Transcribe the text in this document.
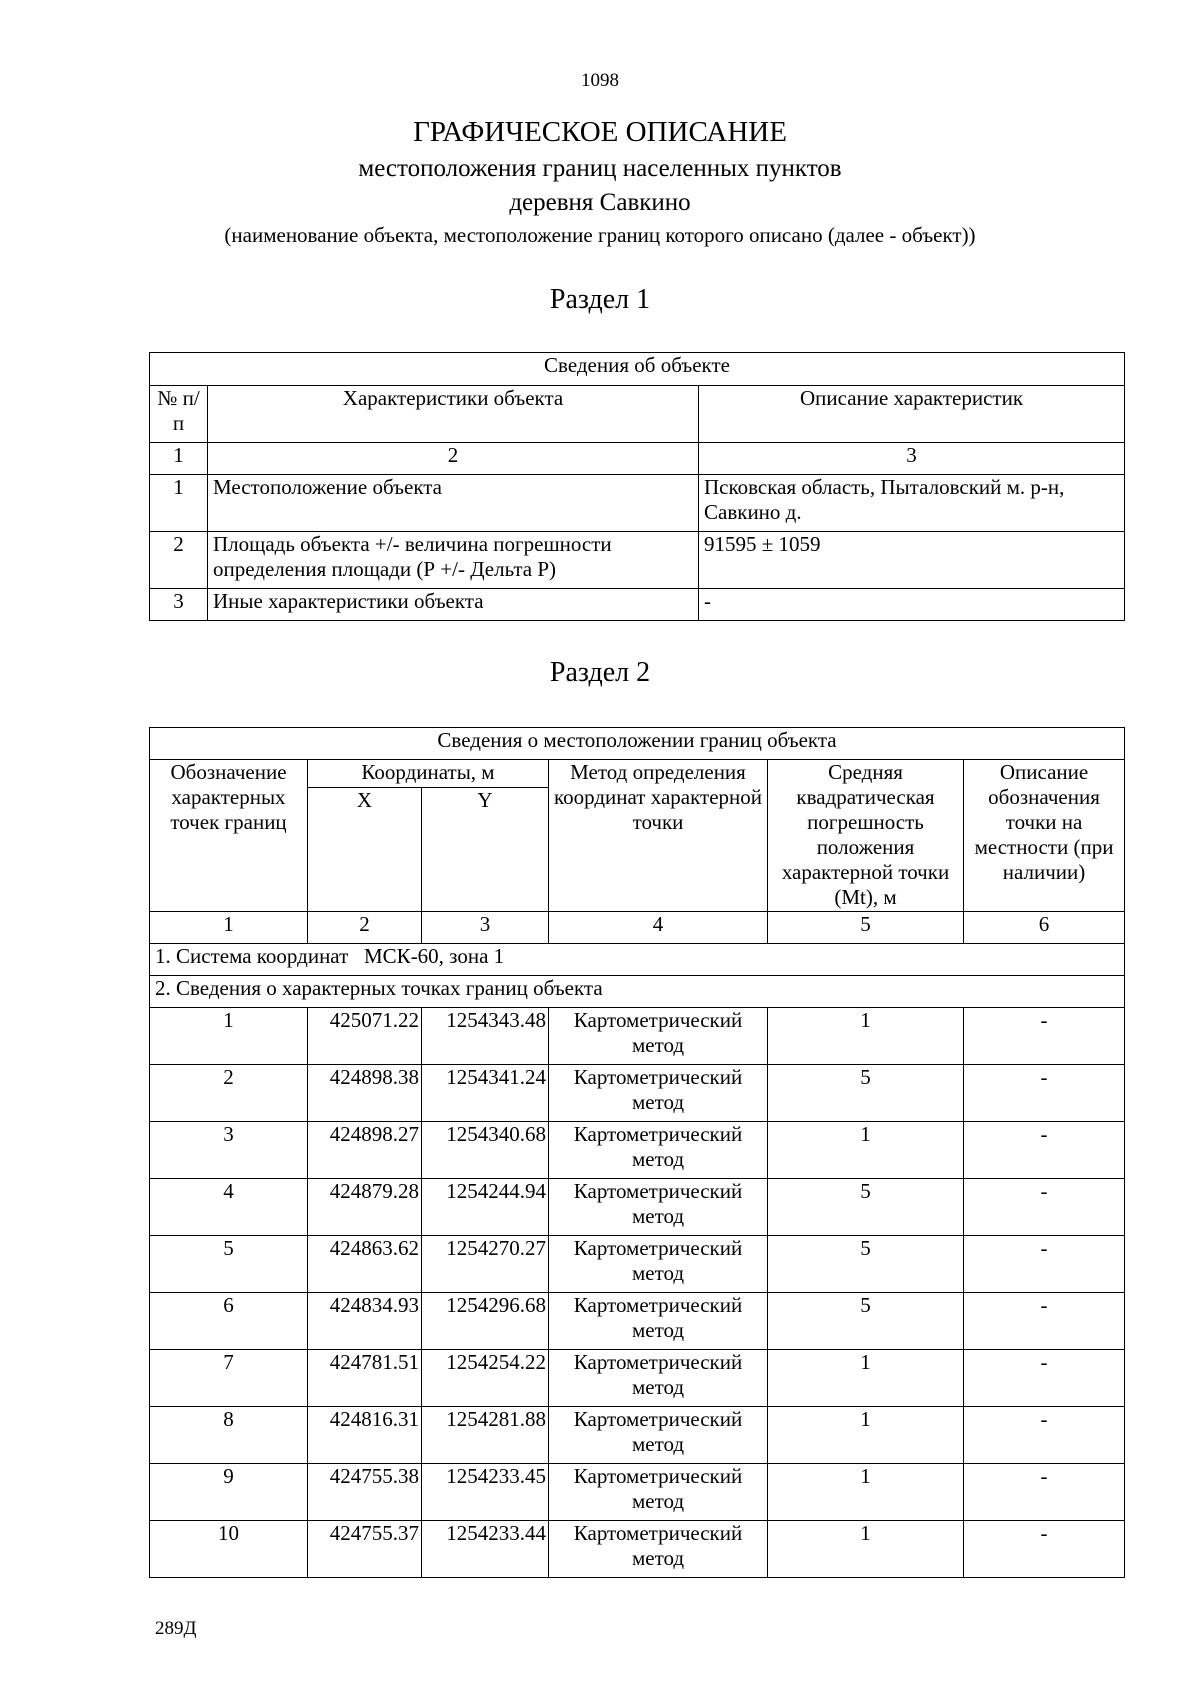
1098
ГРАФИЧЕСКОЕ ОПИСАНИЕ
местоположения границ населенных пунктов
деревня Савкино
(наименование объекта, местоположение границ которого описано (далее - объект))
Раздел 1
Сведения об объекте		
№ п/п	Характеристики объекта	Описание характеристик
1	2	3
1	Местоположение объекта	Псковская область, Пыталовский м. р-н, Савкино д.
2	Площадь объекта +/- величина погрешности определения площади (Р +/- Дельта Р)	91595 ± 1059
3	Иные характеристики объекта	-
Раздел 2
Сведения о местоположении границ объекта					
Обозначение характерных точек границ	Координаты, м		Метод определения координат характерной точки	Средняя квадратическая погрешность положения характерной точки (Mt), м	Описание обозначения точки на местности (при наличии)
	X	Y			
1	2	3	4	5	6
1. Система координат   МСК-60, зона 1					
2. Сведения о характерных точках границ объекта					
1	425071.22	1254343.48	Картометрический метод	1	-
2	424898.38	1254341.24	Картометрический метод	5	-
3	424898.27	1254340.68	Картометрический метод	1	-
4	424879.28	1254244.94	Картометрический метод	5	-
5	424863.62	1254270.27	Картометрический метод	5	-
6	424834.93	1254296.68	Картометрический метод	5	-
7	424781.51	1254254.22	Картометрический метод	1	-
8	424816.31	1254281.88	Картометрический метод	1	-
9	424755.38	1254233.45	Картометрический метод	1	-
10	424755.37	1254233.44	Картометрический метод	1	-
289Д
